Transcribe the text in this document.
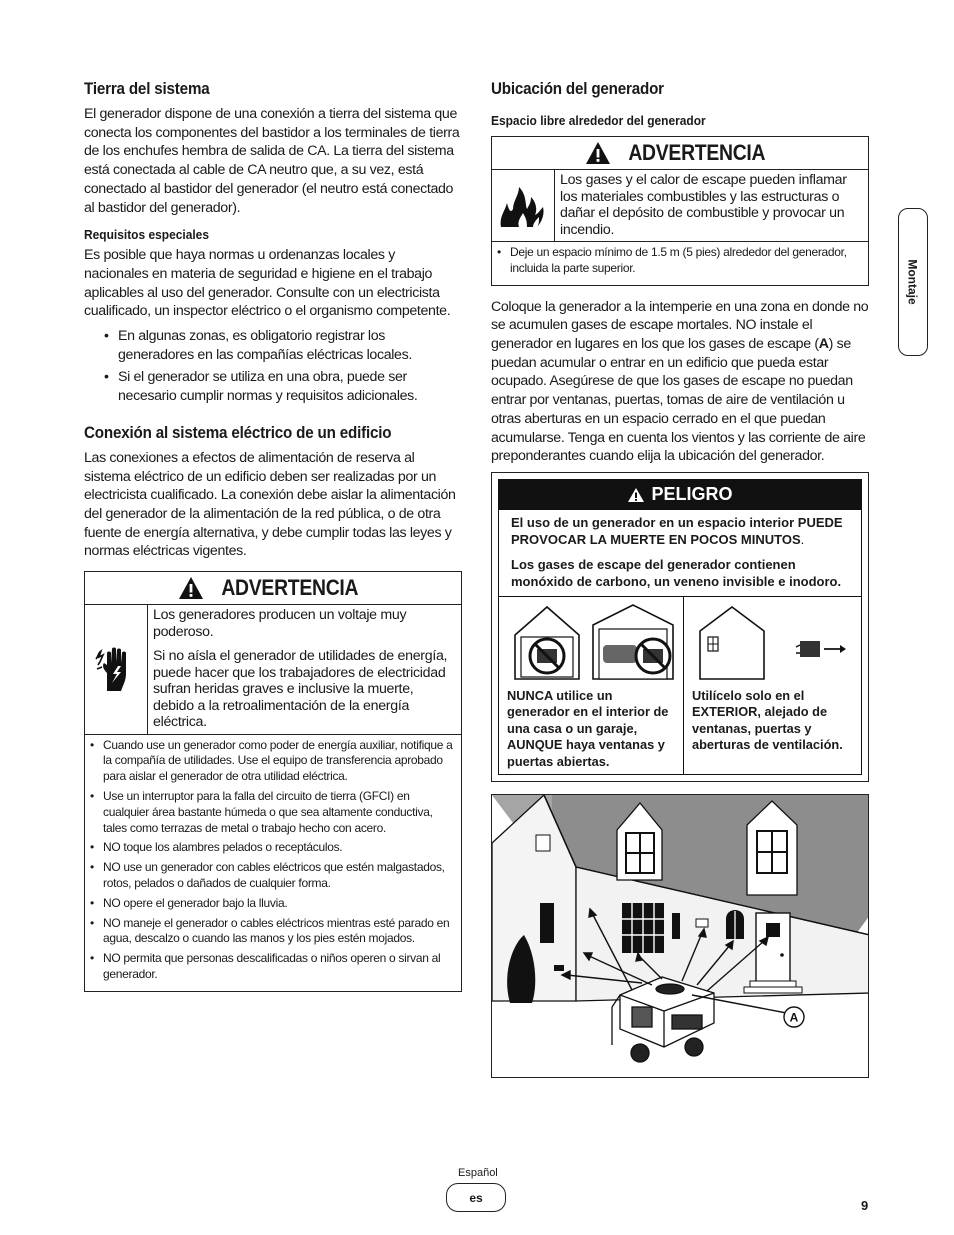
Tierra del sistema

El generador dispone de una conexión a tierra del sistema que conecta los componentes del bastidor a los terminales de tierra de los enchufes hembra de salida de CA. La tierra del sistema está conectada al cable de CA neutro que, a su vez, está conectado al bastidor del generador (el neutro está conectado al bastidor del generador).

Requisitos especiales

Es posible que haya normas u ordenanzas locales y nacionales en materia de seguridad e higiene en el trabajo aplicables al uso del generador. Consulte con un electricista cualificado, un inspector eléctrico o el organismo competente.

• En algunas zonas, es obligatorio registrar los generadores en las compañías eléctricas locales.
• Si el generador se utiliza en una obra, puede ser necesario cumplir normas y requisitos adicionales.
Conexión al sistema eléctrico de un edificio

Las conexiones a efectos de alimentación de reserva al sistema eléctrico de un edificio deben ser realizadas por un electricista cualificado. La conexión debe aislar la alimentación del generador de la alimentación de la red pública, o de otra fuente de energía alternativa, y debe cumplir todas las leyes y normas eléctricas vigentes.

ADVERTENCIA

Los generadores producen un voltaje muy poderoso.

Si no aísla el generador de utilidades de energía, puede hacer que los trabajadores de electricidad sufran heridas graves e inclusive la muerte, debido a la retroalimentación de la energía eléctrica.

• Cuando use un generador como poder de energía auxiliar, notifique a la compañía de utilidades. Use el equipo de transferencia aprobado para aislar el generador de otra utilidad eléctrica.
• Use un interruptor para la falla del circuito de tierra (GFCI) en cualquier área bastante húmeda o que sea altamente conductiva, tales como terrazas de metal o trabajo hecho con acero.
• NO toque los alambres pelados o receptáculos.
• NO use un generador con cables eléctricos que estén malgastados, rotos, pelados o dañados de cualquier forma.
• NO opere el generador bajo la lluvia.
• NO maneje el generador o cables eléctricos mientras esté parado en agua, descalzo o cuando las manos y los pies estén mojados.
• NO permita que personas descalificadas o niños operen o sirvan al generador.
Ubicación del generador
Espacio libre alrededor del generador
ADVERTENCIA

Los gases y el calor de escape pueden inflamar los materiales combustibles y las estructuras o dañar el depósito de combustible y provocar un incendio.

• Deje un espacio mínimo de 1.5 m (5 pies) alrededor del generador, incluida la parte superior.

Coloque la generador a la intemperie en una zona en donde no se acumulen gases de escape mortales. NO instale el generador en lugares en los que los gases de escape (A) se puedan acumular o entrar en un edificio que pueda estar ocupado. Asegúrese de que los gases de escape no puedan entrar por ventanas, puertas, tomas de aire de ventilación u otras aberturas en un espacio cerrado en el que puedan acumularse. Tenga en cuenta los vientos y las corriente de aire preponderantes cuando elija la ubicación del generador.

PELIGRO

El uso de un generador en un espacio interior PUEDE PROVOCAR LA MUERTE EN POCOS MINUTOS.

Los gases de escape del generador contienen monóxido de carbono, un veneno invisible e inodoro.

NUNCA utilice un generador en el interior de una casa o un garaje, AUNQUE haya ventanas y puertas abiertas.
Utilícelo solo en el EXTERIOR, alejado de ventanas, puertas y aberturas de ventilación.
A
Montaje
Español
es
9
